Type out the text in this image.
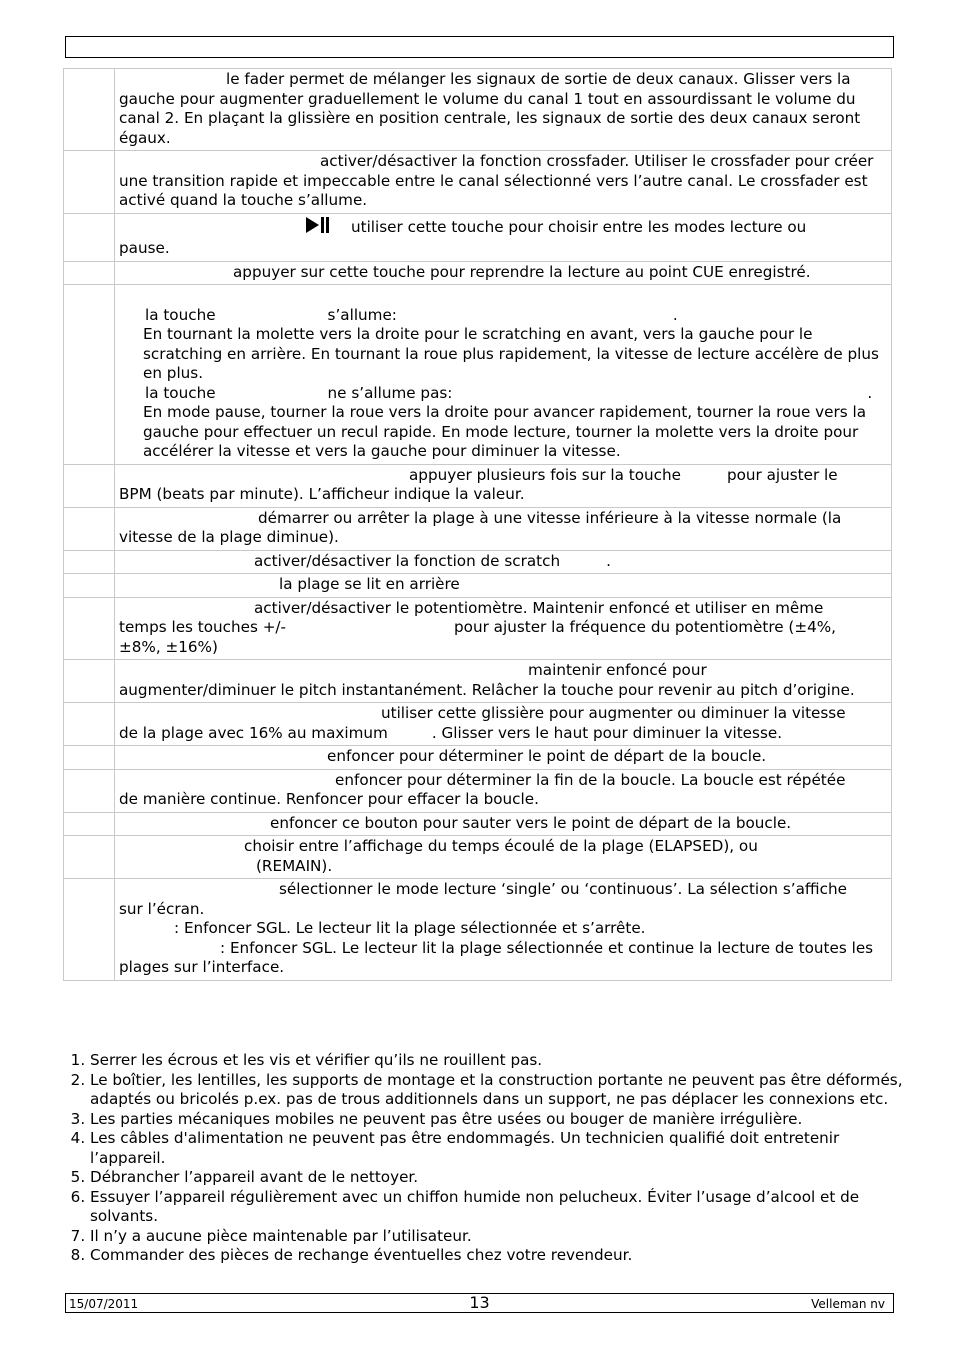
	le fader permet de mélanger les signaux de sortie de deux canaux. Glisser vers la gauche pour augmenter graduellement le volume du canal 1 tout en assourdissant le volume du canal 2. En plaçant la glissière en position centrale, les signaux de sortie des deux canaux seront égaux.
	activer/désactiver la fonction crossfader. Utiliser le crossfader pour créer une transition rapide et impeccable entre le canal sélectionné vers l’autre canal. Le crossfader est activé quand la touche s’allume.

	utiliser cette touche pour choisir entre les modes lecture ou
pause.

	appuyer sur cette touche pour reprendre la lecture au point CUE enregistré.

	la touche s’allume: .
En tournant la molette vers la droite pour le scratching en avant, vers la gauche pour le scratching en arrière. En tournant la roue plus rapidement, la vitesse de lecture accélère de plus en plus.
la touche ne s’allume pas: .
En mode pause, tourner la roue vers la droite pour avancer rapidement, tourner la roue vers la gauche pour effectuer un recul rapide. En mode lecture, tourner la molette vers la droite pour accélérer la vitesse et vers la gauche pour diminuer la vitesse.

	appuyer plusieurs fois sur la touche pour ajuster le
BPM (beats par minute). L’afficheur indique la valeur.

	démarrer ou arrêter la plage à une vitesse inférieure à la vitesse normale (la vitesse de la plage diminue).
	activer/désactiver la fonction de scratch .
	la plage se lit en arrière

	activer/désactiver le potentiomètre. Maintenir enfoncé et utiliser en même
temps les touches +/- pour ajuster la fréquence du potentiomètre (±4%,
±8%, ±16%)

	maintenir enfoncé pour
augmenter/diminuer le pitch instantanément. Relâcher la touche pour revenir au pitch d’origine.

	utiliser cette glissière pour augmenter ou diminuer la vitesse
de la plage avec 16% au maximum . Glisser vers le haut pour diminuer la vitesse.

	enfoncer pour déterminer le point de départ de la boucle.

	enfoncer pour déterminer la fin de la boucle. La boucle est répétée
de manière continue. Renfoncer pour effacer la boucle.

	enfoncer ce bouton pour sauter vers le point de départ de la boucle.

	choisir entre l’affichage du temps écoulé de la plage (ELAPSED), ou
(REMAIN).

	sélectionner le mode lecture ‘single’ ou ‘continuous’. La sélection s’affiche
sur l’écran.
: Enfoncer SGL. Le lecteur lit la plage sélectionnée et s’arrête.
: Enfoncer SGL. Le lecteur lit la plage sélectionnée et continue la lecture de toutes les plages sur l’interface.
1. Serrer les écrous et les vis et vérifier qu’ils ne rouillent pas.
2. Le boîtier, les lentilles, les supports de montage et la construction portante ne peuvent pas être déformés, adaptés ou bricolés p.ex. pas de trous additionnels dans un support, ne pas déplacer les connexions etc.
3. Les parties mécaniques mobiles ne peuvent pas être usées ou bouger de manière irrégulière.
4. Les câbles d'alimentation ne peuvent pas être endommagés. Un technicien qualifié doit entretenir l’appareil.
5. Débrancher l’appareil avant de le nettoyer.
6. Essuyer l’appareil régulièrement avec un chiffon humide non pelucheux. Éviter l’usage d’alcool et de solvants.
7. Il n’y a aucune pièce maintenable par l’utilisateur.
8. Commander des pièces de rechange éventuelles chez votre revendeur.
15/07/2011	13	Velleman nv
